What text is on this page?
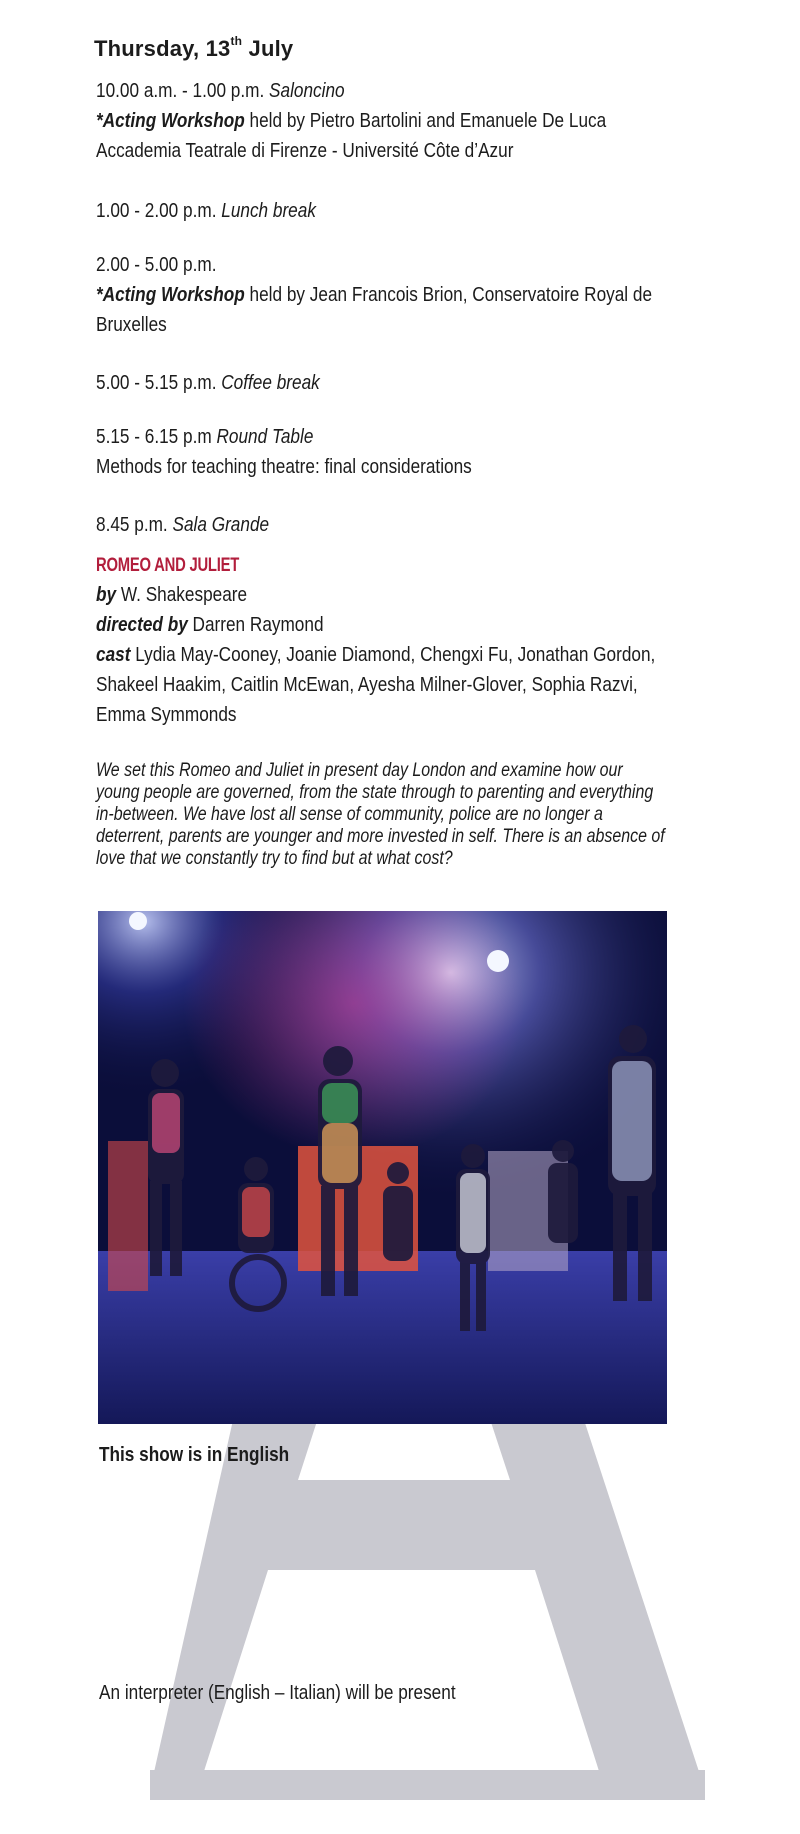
Thursday, 13th July
10.00 a.m. - 1.00 p.m. Saloncino
*Acting Workshop held by Pietro Bartolini and Emanuele De Luca
Accademia Teatrale di Firenze - Université Côte d’Azur
1.00 - 2.00 p.m. Lunch break
2.00 - 5.00 p.m.
*Acting Workshop held by Jean Francois Brion, Conservatoire Royal de
Bruxelles
5.00 - 5.15 p.m. Coffee break
5.15 - 6.15 p.m Round Table
Methods for teaching theatre: final considerations
8.45 p.m. Sala Grande
ROMEO AND JULIET
by W. Shakespeare
directed by Darren Raymond
cast Lydia May-Cooney, Joanie Diamond, Chengxi Fu, Jonathan Gordon,
Shakeel Haakim, Caitlin McEwan, Ayesha Milner-Glover, Sophia Razvi,
Emma Symmonds
We set this Romeo and Juliet in present day London and examine how our
young people are governed, from the state through to parenting and everything
in-between. We have lost all sense of community, police are no longer a
deterrent, parents are younger and more invested in self. There is an absence of
love that we constantly try to find but at what cost?
This show is in English
An interpreter (English – Italian) will be present
